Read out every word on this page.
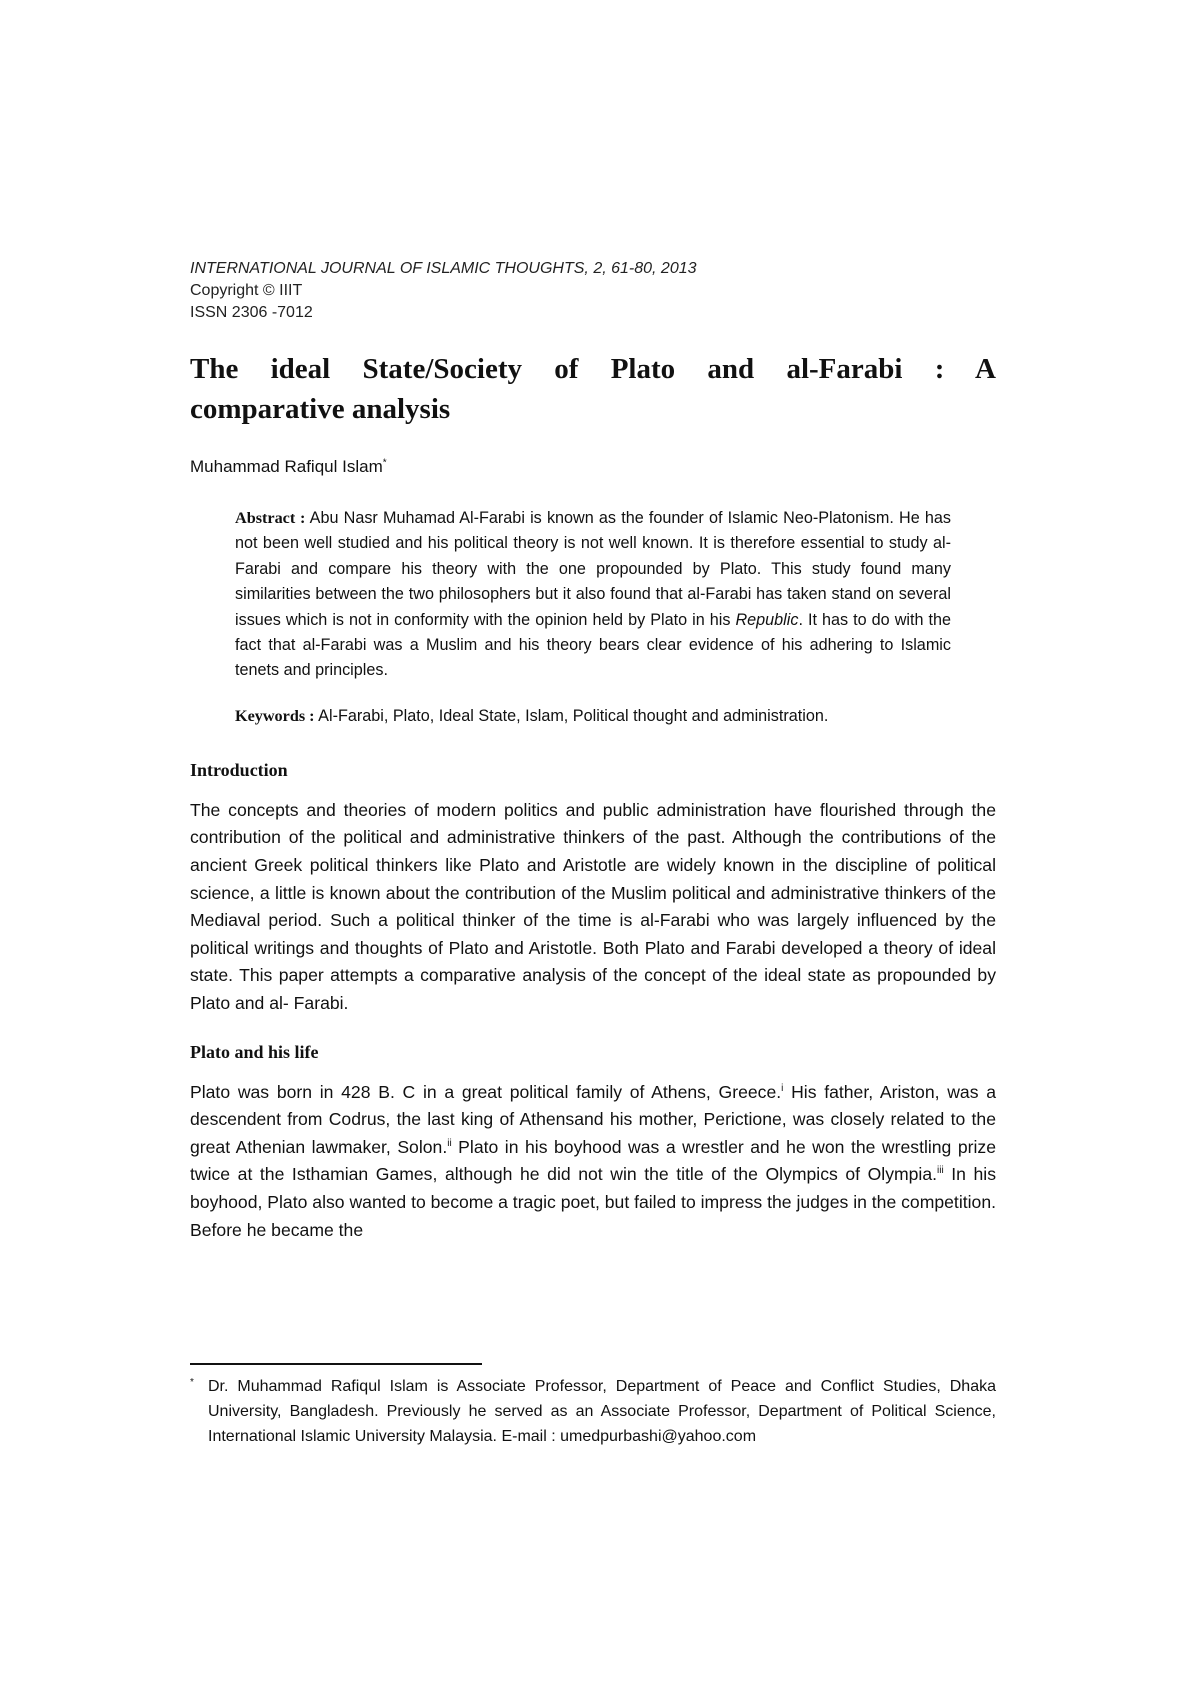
INTERNATIONAL JOURNAL OF ISLAMIC THOUGHTS, 2, 61-80, 2013
Copyright © IIIT
ISSN 2306 -7012
The ideal State/Society of Plato and al-Farabi : A
comparative analysis
Muhammad Rafiqul Islam*
Abstract : Abu Nasr Muhamad Al-Farabi is known as the founder of Islamic Neo-Platonism. He has not been well studied and his political theory is not well known. It is therefore essential to study al-Farabi and compare his theory with the one propounded by Plato. This study found many similarities between the two philosophers but it also found that al-Farabi has taken stand on several issues which is not in conformity with the opinion held by Plato in his Republic. It has to do with the fact that al-Farabi was a Muslim and his theory bears clear evidence of his adhering to Islamic tenets and principles.
Keywords : Al-Farabi, Plato, Ideal State, Islam, Political thought and administration.
Introduction
The concepts and theories of modern politics and public administration have flourished through the contribution of the political and administrative thinkers of the past. Although the contributions of the ancient Greek political thinkers like Plato and Aristotle are widely known in the discipline of political science, a little is known about the contribution of the Muslim political and administrative thinkers of the Mediaval period. Such a political thinker of the time is al-Farabi who was largely influenced by the political writings and thoughts of Plato and Aristotle. Both Plato and Farabi developed a theory of ideal state. This paper attempts a comparative analysis of the concept of the ideal state as propounded by Plato and al- Farabi.
Plato and his life
Plato was born in 428 B. C in a great political family of Athens, Greece.$^i$ His father, Ariston, was a descendent from Codrus, the last king of Athensand his mother, Perictione, was closely related to the great Athenian lawmaker, Solon.$^{ii}$ Plato in his boyhood was a wrestler and he won the wrestling prize twice at the Isthamian Games, although he did not win the title of the Olympics of Olympia.$^{iii}$ In his boyhood, Plato also wanted to become a tragic poet, but failed to impress the judges in the competition. Before he became the
* Dr. Muhammad Rafiqul Islam is Associate Professor, Department of Peace and Conflict Studies, Dhaka University, Bangladesh. Previously he served as an Associate Professor, Department of Political Science, International Islamic University Malaysia. E-mail : umedpurbashi@yahoo.com
